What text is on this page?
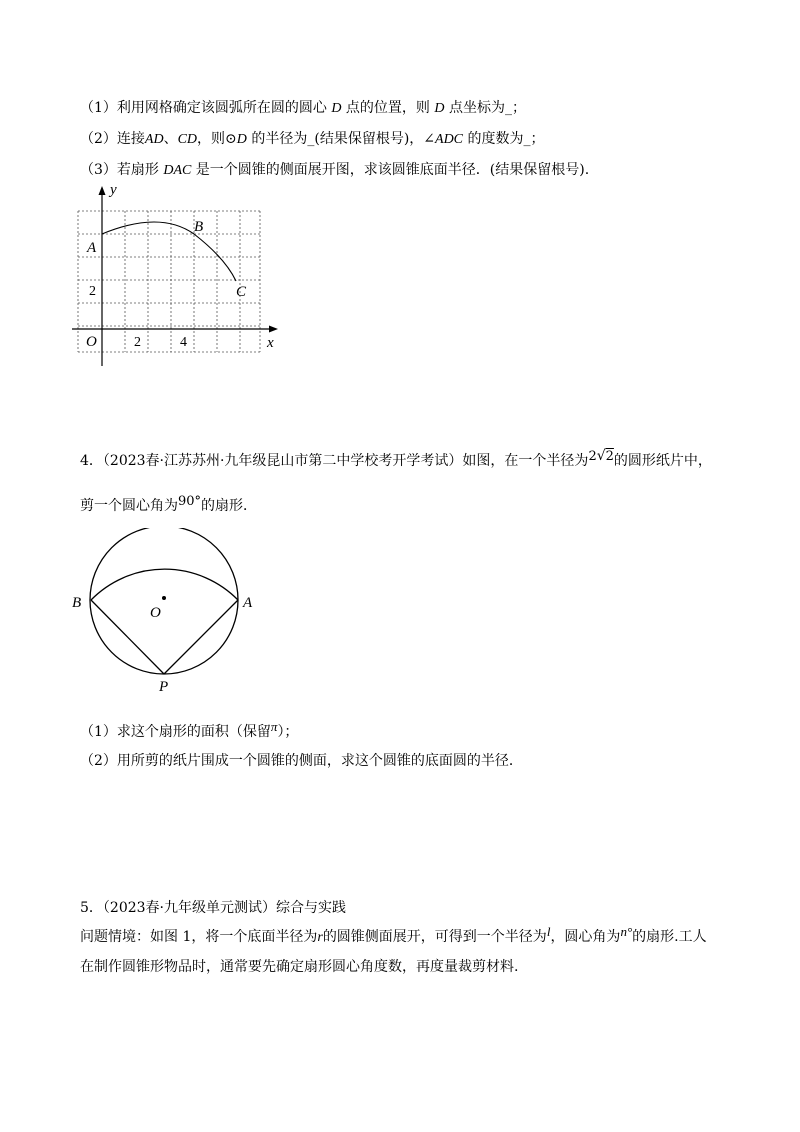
（1）利用网格确定该圆弧所在圆的圆心 D 点的位置，则 D 点坐标为_；
（2）连接AD、CD，则⊙D 的半径为_(结果保留根号)，∠ADC 的度数为_；
（3）若扇形 DAC 是一个圆锥的侧面展开图，求该圆锥底面半径．(结果保留根号).
y
x
O	2	4
2
A
B
C
4．（2023春·江苏苏州·九年级昆山市第二中学校考开学考试）如图，在一个半径为2√2的圆形纸片中，
剪一个圆心角为90°的扇形．
B	A
O
P
（1）求这个扇形的面积（保留π）；
（2）用所剪的纸片围成一个圆锥的侧面，求这个圆锥的底面圆的半径．
5．（2023春·九年级单元测试）综合与实践
问题情境：如图 1，将一个底面半径为r的圆锥侧面展开，可得到一个半径为l，圆心角为n°的扇形.工人
在制作圆锥形物品时，通常要先确定扇形圆心角度数，再度量裁剪材料.
